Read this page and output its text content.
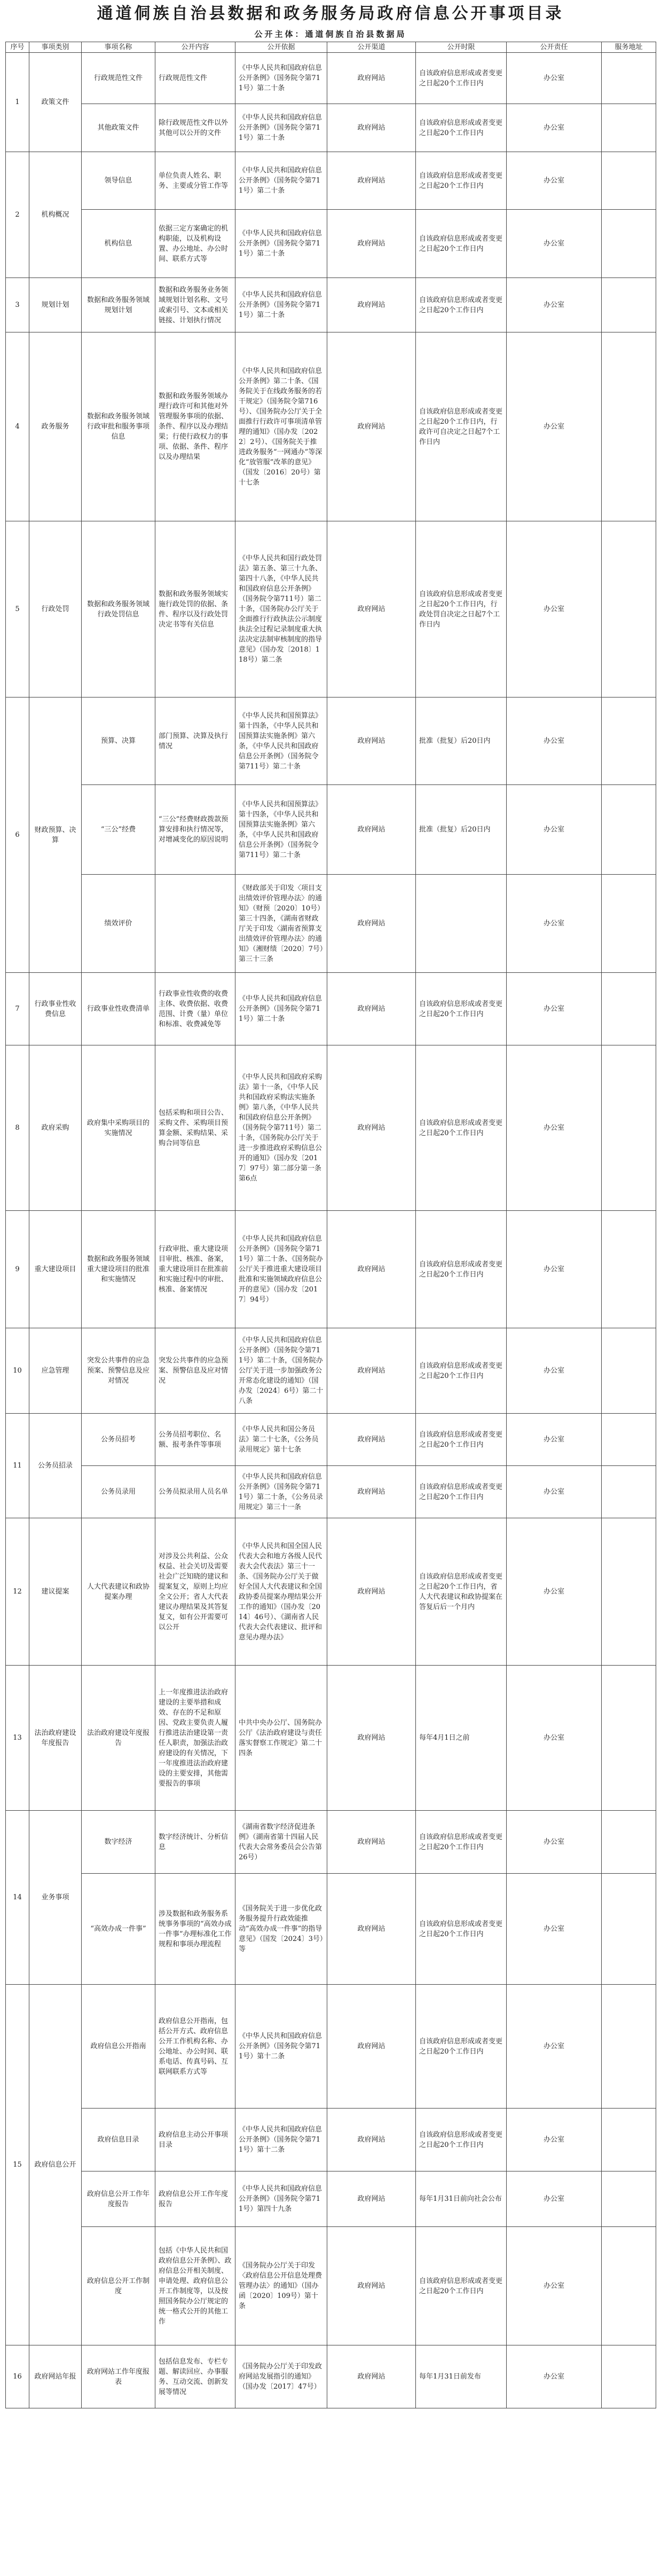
通道侗族自治县数据和政务服务局政府信息公开事项目录

公开主体：通道侗族自治县数据局

序号	事项类别	事项名称	公开内容	公开依据	公开渠道	公开时限	公开责任	服务地址
1	政策文件	行政规范性文件	行政规范性文件	《中华人民共和国政府信息公开条例》（国务院令第711号）第二十条	政府网站	自该政府信息形成或者变更之日起20个工作日内	办公室	
		其他政策文件	除行政规范性文件以外其他可以公开的文件	《中华人民共和国政府信息公开条例》（国务院令第711号）第二十条	政府网站	自该政府信息形成或者变更之日起20个工作日内	办公室	
2	机构概况	领导信息	单位负责人姓名、职务、主要或分管工作等	《中华人民共和国政府信息公开条例》（国务院令第711号）第二十条	政府网站	自该政府信息形成或者变更之日起20个工作日内	办公室	
		机构信息	依据三定方案确定的机构职能，以及机构设置、办公地址、办公时间、联系方式等	《中华人民共和国政府信息公开条例》（国务院令第711号）第二十条	政府网站	自该政府信息形成或者变更之日起20个工作日内	办公室	
3	规划计划	数据和政务服务领域规划计划	数据和政务服务业务领域规划计划名称、文号或索引号、文本或相关链接、计划执行情况	《中华人民共和国政府信息公开条例》（国务院令第711号）第二十条	政府网站	自该政府信息形成或者变更之日起20个工作日内	办公室	
4	政务服务	数据和政务服务领域行政审批和服务事项信息	数据和政务服务领域办理行政许可和其他对外管理服务事项的依据、条件、程序以及办理结果；行使行政权力的事项、依据、条件、程序以及办理结果	《中华人民共和国政府信息公开条例》第二十条、《国务院关于在线政务服务的若干规定》（国务院令第716号）、《国务院办公厅关于全面推行行政许可事项清单管理的通知》（国办发〔2022〕2号）、《国务院关于推进政务服务“一网通办”等深化“放管服”改革的意见》（国发〔2016〕20号）第十七条	政府网站	自该政府信息形成或者变更之日起20个工作日内，行政许可自决定之日起7个工作日内	办公室	
5	行政处罚	数据和政务服务领域行政处罚信息	数据和政务服务领域实施行政处罚的依据、条件、程序以及行政处罚决定书等有关信息	《中华人民共和国行政处罚法》第五条、第三十九条、第四十八条，《中华人民共和国政府信息公开条例》（国务院令第711号）第二十条，《国务院办公厅关于全面推行行政执法公示制度执法全过程记录制度重大执法决定法制审核制度的指导意见》（国办发〔2018〕118号）第二条	政府网站	自该政府信息形成或者变更之日起20个工作日内，行政处罚自决定之日起7个工作日内	办公室	
6	财政预算、决算	预算、决算	部门预算、决算及执行情况	《中华人民共和国预算法》第十四条，《中华人民共和国预算法实施条例》第六条，《中华人民共和国政府信息公开条例》（国务院令第711号）第二十条	政府网站	批准（批复）后20日内	办公室	
		“三公”经费	“三公”经费财政拨款预算安排和执行情况等，对增减变化的原因说明	《中华人民共和国预算法》第十四条，《中华人民共和国预算法实施条例》第六条，《中华人民共和国政府信息公开条例》（国务院令第711号）第二十条	政府网站	批准（批复）后20日内	办公室	
		绩效评价		《财政部关于印发〈项目支出绩效评价管理办法〉的通知》（财预〔2020〕10号）第三十四条，《湖南省财政厅关于印发〈湖南省预算支出绩效评价管理办法〉的通知》（湘财绩〔2020〕7号）第三十三条	政府网站		办公室	
7	行政事业性收费信息	行政事业性收费清单	行政事业性收费的收费主体、收费依据、收费范围、计费（量）单位和标准、收费减免等	《中华人民共和国政府信息公开条例》（国务院令第711号）第二十条	政府网站	自该政府信息形成或者变更之日起20个工作日内	办公室	
8	政府采购	政府集中采购项目的实施情况	包括采购和项目公告、采购文件、采购项目预算金额、采购结果、采购合同等信息	《中华人民共和国政府采购法》第十一条，《中华人民共和国政府采购法实施条例》第八条，《中华人民共和国政府信息公开条例》（国务院令第711号）第二十条，《国务院办公厅关于进一步推进政府采购信息公开的通知》（国办发〔2017〕97号）第二部分第一条第6点	政府网站	自该政府信息形成或者变更之日起20个工作日内	办公室	
9	重大建设项目	数据和政务服务领域重大建设项目的批准和实施情况	行政审批、重大建设项目审批、核准、备案，重大建设项目在批准前和实施过程中的审批、核准、备案情况	《中华人民共和国政府信息公开条例》（国务院令第711号）第二十条、《国务院办公厅关于推进重大建设项目批准和实施领域政府信息公开的意见》（国办发〔2017〕94号）	政府网站	自该政府信息形成或者变更之日起20个工作日内	办公室	
10	应急管理	突发公共事件的应急预案、预警信息及应对情况	突发公共事件的应急预案、预警信息及应对情况	《中华人民共和国政府信息公开条例》（国务院令第711号）第二十条，《国务院办公厅关于进一步加强政务公开常态化建设的通知》（国办发〔2024〕6号）第二十八条	政府网站	自该政府信息形成或者变更之日起20个工作日内	办公室	
11	公务员招录	公务员招考	公务员招考职位、名额、报考条件等事项	《中华人民共和国公务员法》第二十七条，《公务员录用规定》第十七条	政府网站	自该政府信息形成或者变更之日起20个工作日内	办公室	
		公务员录用	公务员拟录用人员名单	《中华人民共和国政府信息公开条例》（国务院令第711号）第二十条，《公务员录用规定》第三十一条	政府网站	自该政府信息形成或者变更之日起20个工作日内	办公室	
12	建议提案	人大代表建议和政协提案办理	对涉及公共利益、公众权益、社会关切及需要社会广泛知晓的建议和提案复文，原则上均应全文公开；省人大代表建议办理结果及其答复复文，如有公开需要可以公开	《中华人民共和国全国人民代表大会和地方各级人民代表大会代表法》第三十一条、《国务院办公厅关于做好全国人大代表建议和全国政协委员提案办理结果公开工作的通知》（国办发〔2014〕46号）、《湖南省人民代表大会代表建议、批评和意见办理办法》	政府网站	自该政府信息形成或者变更之日起20个工作日内，省人大代表建议和政协提案在答复后后一个月内	办公室	
13	法治政府建设年度报告	法治政府建设年度报告	上一年度推进法治政府建设的主要举措和成效、存在的不足和原因、党政主要负责人履行推进法治建设第一责任人职责，加强法治政府建设的有关情况，下一年度推进法治政府建设的主要安排，其他需要报告的事项	中共中央办公厅、国务院办公厅《法治政府建设与责任落实督察工作规定》第二十四条	政府网站	每年4月1日之前	办公室	
14	业务事项	数字经济	数字经济统计、分析信息	《湖南省数字经济促进条例》（湖南省第十四届人民代表大会常务委员会公告第26号）	政府网站	自该政府信息形成或者变更之日起20个工作日内	办公室	
		“高效办成一件事”	涉及数据和政务服务系统事务事项的“高效办成一件事”办理标准化工作规程和事项办理流程	《国务院关于进一步优化政务服务提升行政效能推动“高效办成一件事”的指导意见》（国发〔2024〕3号）等	政府网站	自该政府信息形成或者变更之日起20个工作日内	办公室	
15	政府信息公开	政府信息公开指南	政府信息公开指南，包括公开方式、政府信息公开工作机构名称、办公地址、办公时间、联系电话、传真号码、互联网联系方式等	《中华人民共和国政府信息公开条例》（国务院令第711号）第十二条	政府网站	自该政府信息形成或者变更之日起20个工作日内	办公室	
		政府信息目录	政府信息主动公开事项目录	《中华人民共和国政府信息公开条例》（国务院令第711号）第十二条	政府网站	自该政府信息形成或者变更之日起20个工作日内	办公室	
		政府信息公开工作年度报告	政府信息公开工作年度报告	《中华人民共和国政府信息公开条例》（国务院令第711号）第四十九条	政府网站	每年1月31日前向社会公布	办公室	
		政府信息公开工作制度	包括《中华人民共和国政府信息公开条例》、政府信息公开相关制度、申请处理、政府信息公开工作制度等，以及按照国务院办公厅规定的统一格式公开的其他工作	《国务院办公厅关于印发〈政府信息公开信息处理费管理办法〉的通知》（国办函〔2020〕109号）第十条	政府网站	自该政府信息形成或者变更之日起20个工作日内	办公室	
16	政府网站年报	政府网站工作年度报表	包括信息发布、专栏专题、解读回应、办事服务、互动交流、创新发展等情况	《国务院办公厅关于印发政府网站发展指引的通知》（国办发〔2017〕47号）	政府网站	每年1月31日前发布	办公室	
